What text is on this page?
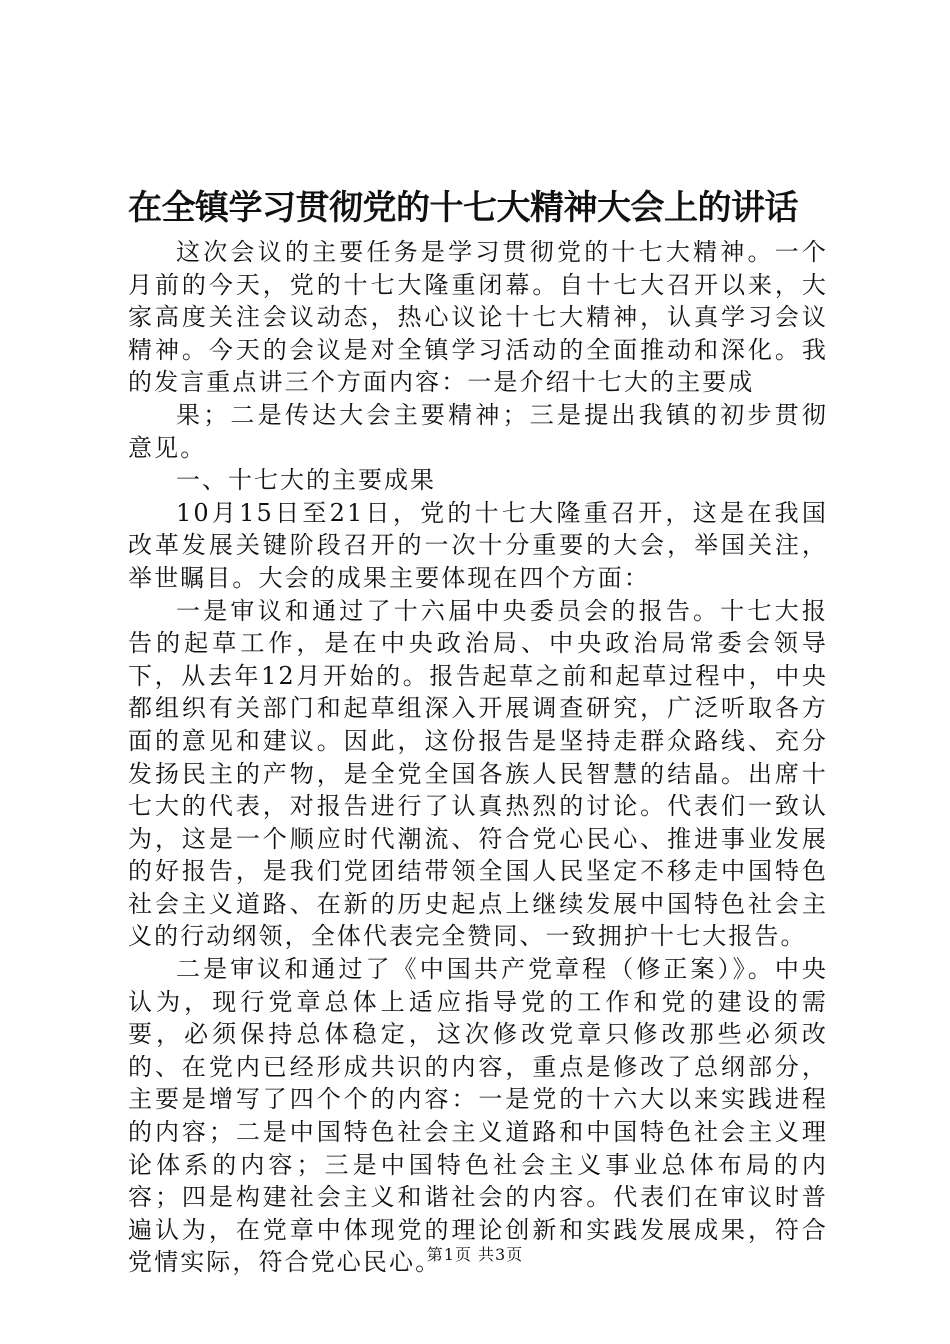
在全镇学习贯彻党的十七大精神大会上的讲话

这次会议的主要任务是学习贯彻党的十七大精神。一个月前的今天，党的十七大隆重闭幕。自十七大召开以来，大家高度关注会议动态，热心议论十七大精神，认真学习会议精神。今天的会议是对全镇学习活动的全面推动和深化。我的发言重点讲三个方面内容：一是介绍十七大的主要成

果；二是传达大会主要精神；三是提出我镇的初步贯彻意见。

一、十七大的主要成果

10月15日至21日，党的十七大隆重召开，这是在我国改革发展关键阶段召开的一次十分重要的大会，举国关注，举世瞩目。大会的成果主要体现在四个方面：

一是审议和通过了十六届中央委员会的报告。十七大报告的起草工作，是在中央政治局、中央政治局常委会领导下，从去年12月开始的。报告起草之前和起草过程中，中央都组织有关部门和起草组深入开展调查研究，广泛听取各方面的意见和建议。因此，这份报告是坚持走群众路线、充分发扬民主的产物，是全党全国各族人民智慧的结晶。出席十七大的代表，对报告进行了认真热烈的讨论。代表们一致认为，这是一个顺应时代潮流、符合党心民心、推进事业发展的好报告，是我们党团结带领全国人民坚定不移走中国特色社会主义道路、在新的历史起点上继续发展中国特色社会主义的行动纲领，全体代表完全赞同、一致拥护十七大报告。

二是审议和通过了《中国共产党章程（修正案）》。中央认为，现行党章总体上适应指导党的工作和党的建设的需要，必须保持总体稳定，这次修改党章只修改那些必须改的、在党内已经形成共识的内容，重点是修改了总纲部分，主要是增写了四个个的内容：一是党的十六大以来实践进程的内容；二是中国特色社会主义道路和中国特色社会主义理论体系的内容；三是中国特色社会主义事业总体布局的内容；四是构建社会主义和谐社会的内容。代表们在审议时普遍认为，在党章中体现党的理论创新和实践发展成果，符合党情实际，符合党心民心。

第1页 共3页
